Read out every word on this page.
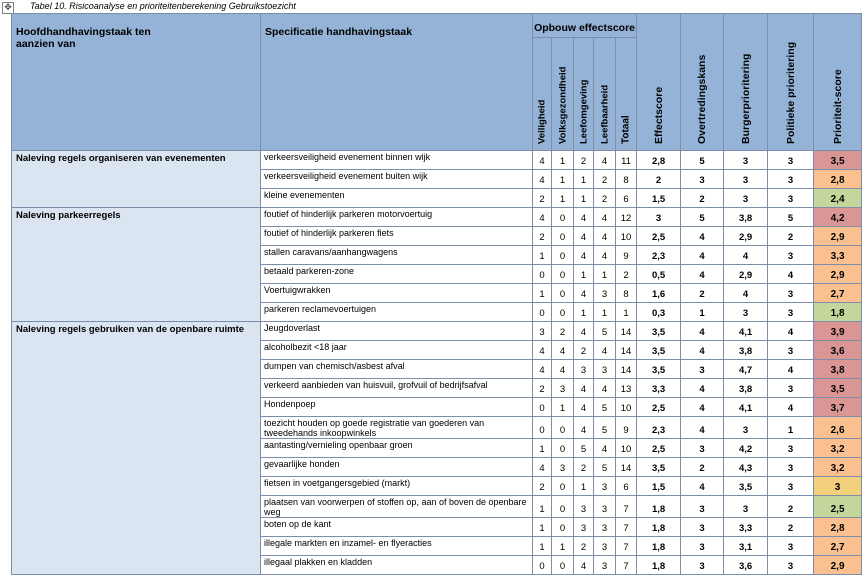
✥ Tabel 10. Risicoanalyse en prioriteitenberekening Gebruikstoezicht
Hoofdhandhavingstaak ten aanzien van	Specificatie handhavingstaak	Opbouw effectscore					Effectscore	Overtredingskans	Burgerprioritering	Politieke prioritering	Prioriteit-score

		Veiligheid	Volksgezondheid	Leefomgeving	Leefbaarheid	Totaal					

Naleving regels organiseren van evenementen	verkeersveiligheid evenement binnen wijk	4	1	2	4	11	2,8	5	3	3	3,5
	verkeersveiligheid evenement buiten wijk	4	1	1	2	8	2	3	3	3	2,8
	kleine evenementen	2	1	1	2	6	1,5	2	3	3	2,4
Naleving parkeerregels	foutief of hinderlijk parkeren motorvoertuig	4	0	4	4	12	3	5	3,8	5	4,2
	foutief of hinderlijk parkeren fiets	2	0	4	4	10	2,5	4	2,9	2	2,9
	stallen caravans/aanhangwagens	1	0	4	4	9	2,3	4	4	3	3,3
	betaald parkeren-zone	0	0	1	1	2	0,5	4	2,9	4	2,9
	Voertuigwrakken	1	0	4	3	8	1,6	2	4	3	2,7
	parkeren reclamevoertuigen	0	0	1	1	1	0,3	1	3	3	1,8
Naleving regels gebruiken van de openbare ruimte	Jeugdoverlast	3	2	4	5	14	3,5	4	4,1	4	3,9
	alcoholbezit <18 jaar	4	4	2	4	14	3,5	4	3,8	3	3,6
	dumpen van chemisch/asbest afval	4	4	3	3	14	3,5	3	4,7	4	3,8
	verkeerd aanbieden van huisvuil, grofvuil of bedrijfsafval	2	3	4	4	13	3,3	4	3,8	3	3,5
	Hondenpoep	0	1	4	5	10	2,5	4	4,1	4	3,7
	toezicht houden op goede registratie van goederen van tweedehands inkoopwinkels	0	0	4	5	9	2,3	4	3	1	2,6
	aantasting/vernieling openbaar groen	1	0	5	4	10	2,5	3	4,2	3	3,2
	gevaarlijke honden	4	3	2	5	14	3,5	2	4,3	3	3,2
	fietsen in voetgangersgebied (markt)	2	0	1	3	6	1,5	4	3,5	3	3
	plaatsen van voorwerpen of stoffen op, aan of boven de openbare weg	1	0	3	3	7	1,8	3	3	2	2,5
	boten op de kant	1	0	3	3	7	1,8	3	3,3	2	2,8
	illegale markten en inzamel- en flyeracties	1	1	2	3	7	1,8	3	3,1	3	2,7
	illegaal plakken en kladden	0	0	4	3	7	1,8	3	3,6	3	2,9
